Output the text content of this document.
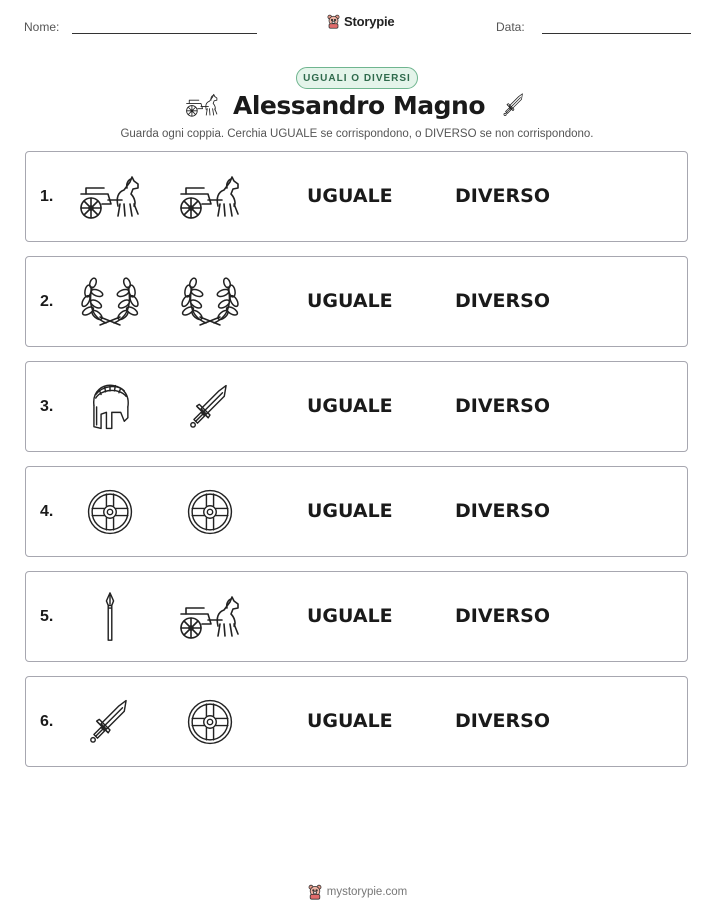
Nome:	Storypie	Data:
UGUALI O DIVERSI
Alessandro Magno
Guarda ogni coppia. Cerchia UGUALE se corrispondono, o DIVERSO se non corrispondono.
1.	UGUALE	DIVERSO
2.	UGUALE	DIVERSO
3.	UGUALE	DIVERSO
4.	UGUALE	DIVERSO
5.	UGUALE	DIVERSO
6.	UGUALE	DIVERSO
mystorypie.com
